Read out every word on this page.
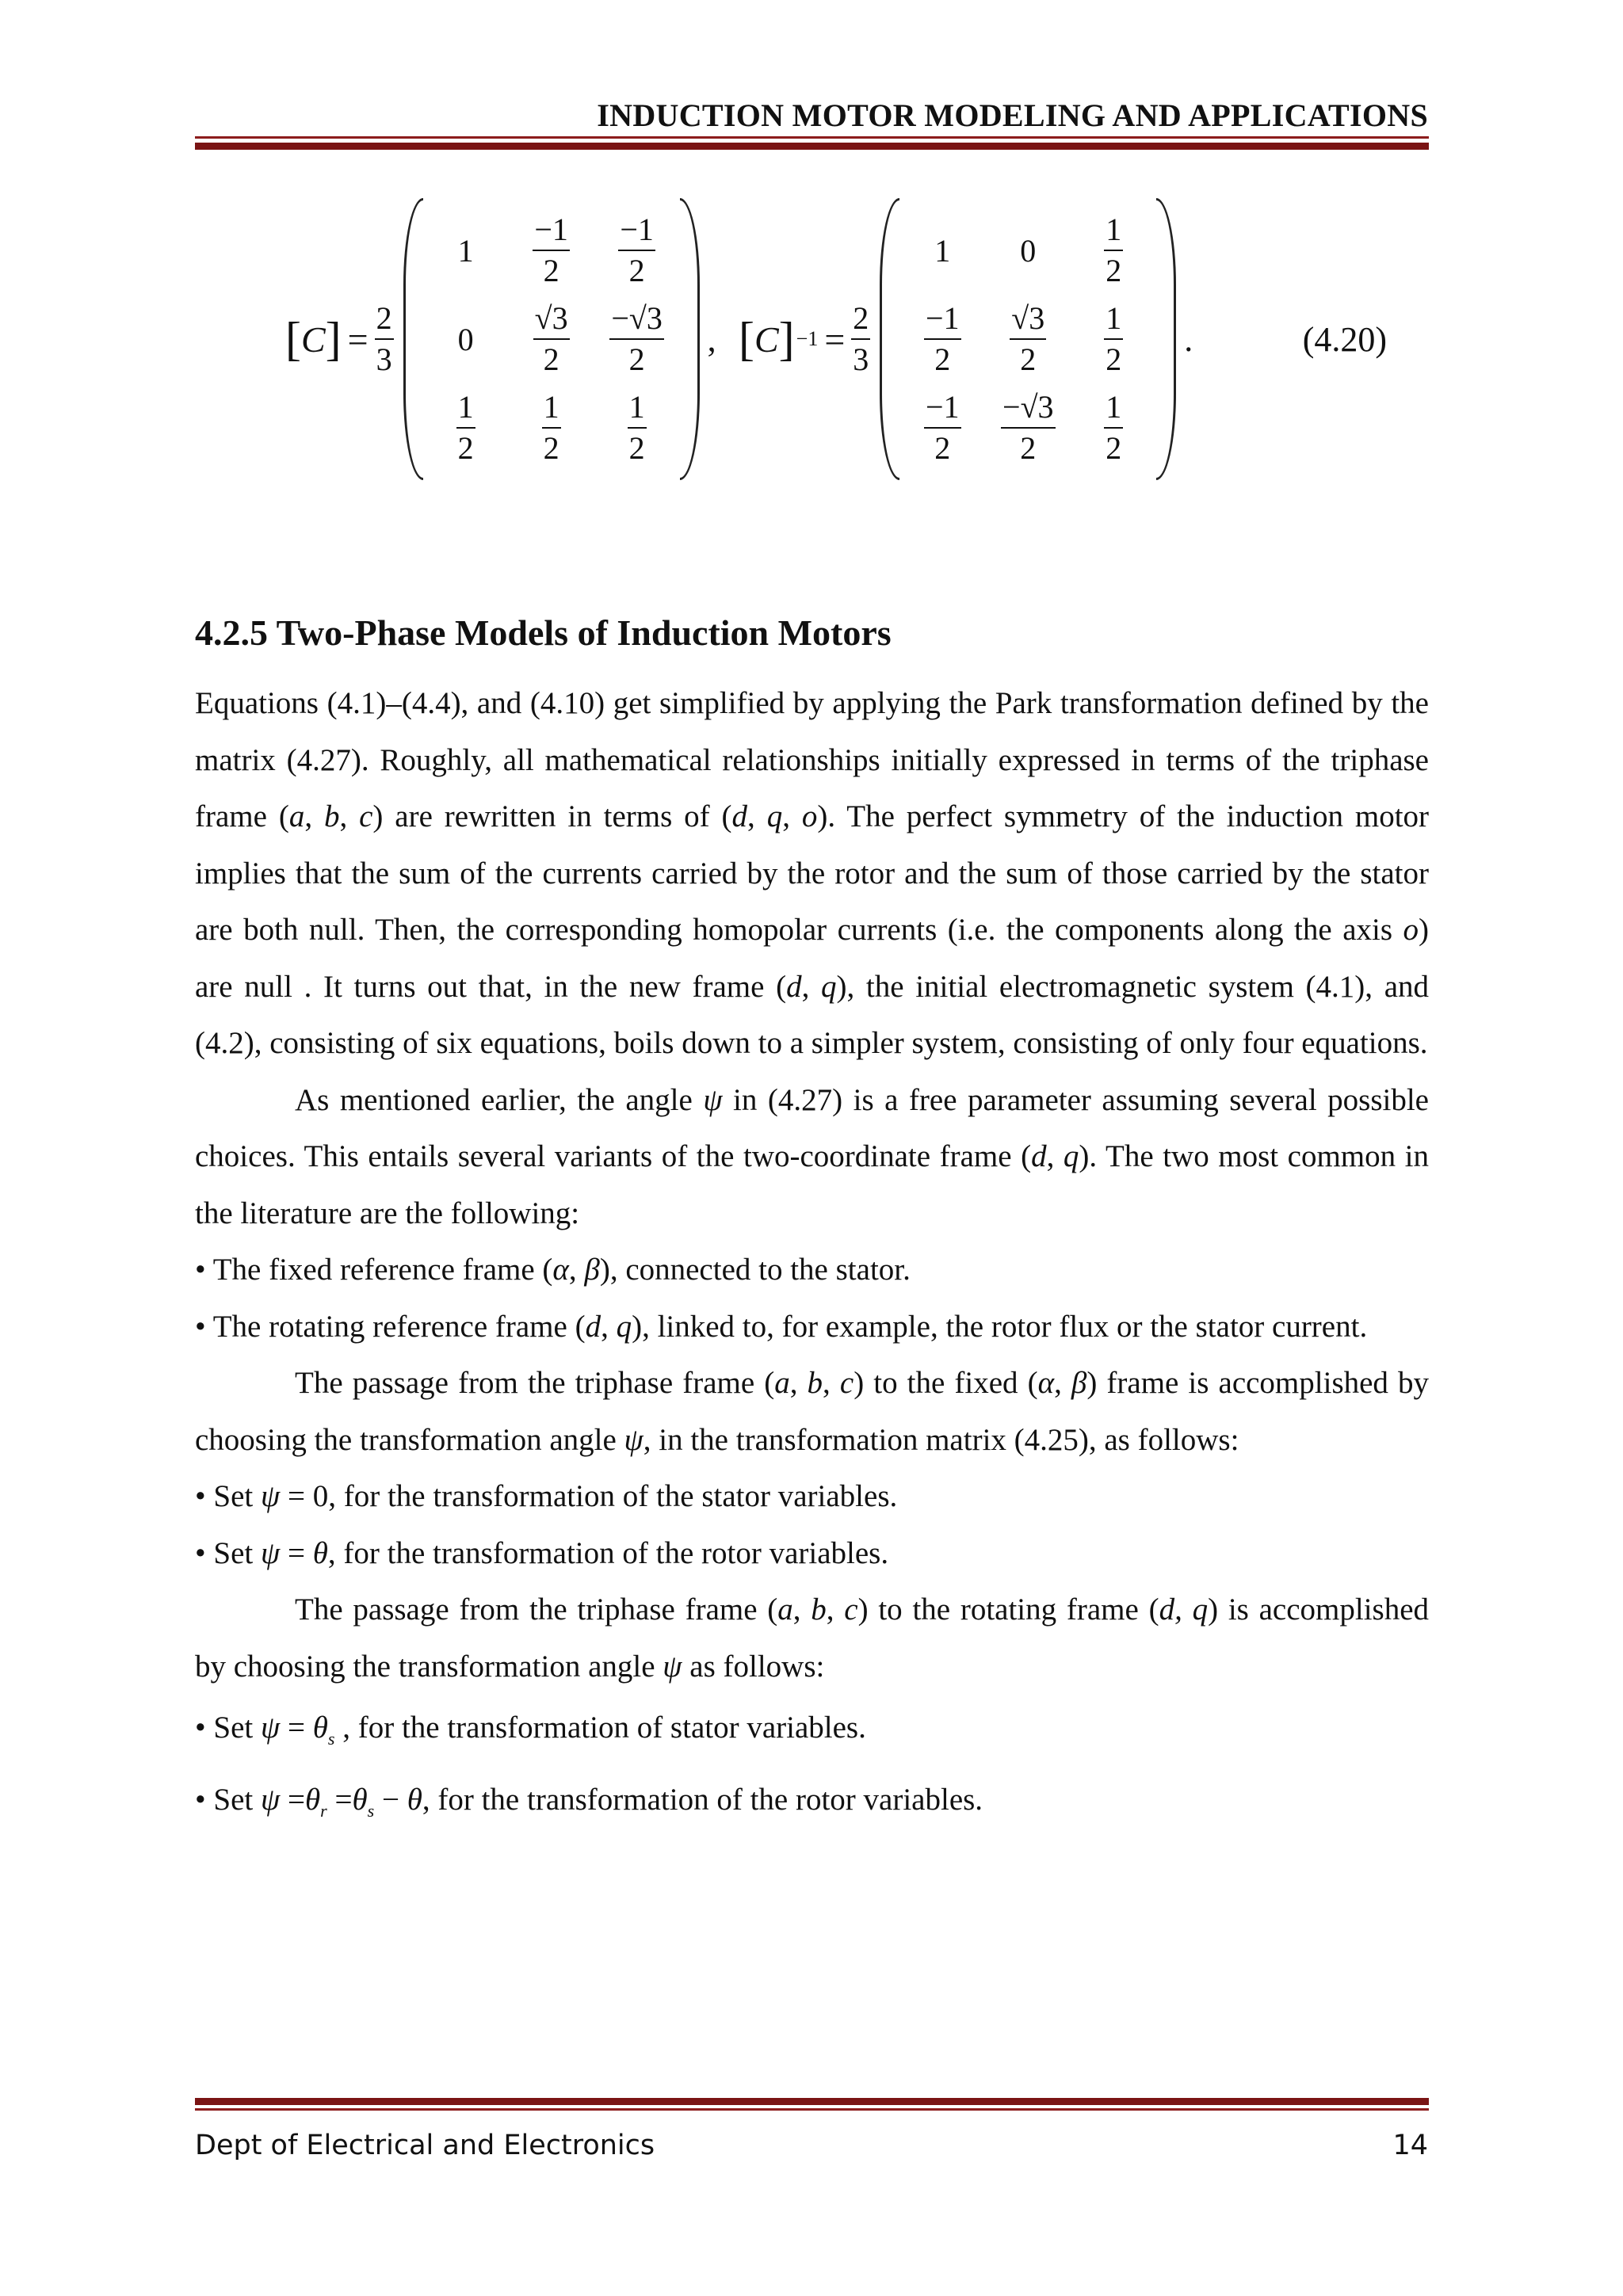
INDUCTION MOTOR MODELING AND APPLICATIONS
[ C ] = $\frac{2}{3}$
$1 \frac{-1}{2} \frac{-1}{2}$
$0 \frac{√3}{2} \frac{-√3}{2}$
$\frac{1}{2} \frac{1}{2} \frac{1}{2}$
, [ C ] $-1 = \frac{2}{3}$
1 $0 \frac{1}{2}$
$\frac{-1}{2} \frac{√3}{2} \frac{1}{2}$
$\frac{-1}{2} \frac{-√3}{2} \frac{1}{2}$
.	(4.20)
4.2.5 Two-Phase Models of Induction Motors

Equations (4.1)–(4.4), and (4.10) get simplified by applying the Park transformation defined by the matrix (4.27). Roughly, all mathematical relationships initially expressed in terms of the triphase frame (a, b, c) are rewritten in terms of (d, q, o). The perfect symmetry of the induction motor implies that the sum of the currents carried by the rotor and the sum of those carried by the stator are both null. Then, the corresponding homopolar currents (i.e. the components along the axis o) are null . It turns out that, in the new frame (d, q), the initial electromagnetic system (4.1), and (4.2), consisting of six equations, boils down to a simpler system, consisting of only four equations.

As mentioned earlier, the angle ψ in (4.27) is a free parameter assuming several possible choices. This entails several variants of the two-coordinate frame (d, q). The two most common in the literature are the following:

• The fixed reference frame (α, β), connected to the stator.

• The rotating reference frame (d, q), linked to, for example, the rotor flux or the stator current.

The passage from the triphase frame (a, b, c) to the fixed (α, β) frame is accomplished by choosing the transformation angle ψ, in the transformation matrix (4.25), as follows:

• Set ψ = 0, for the transformation of the stator variables.

• Set ψ = θ, for the transformation of the rotor variables.

The passage from the triphase frame (a, b, c) to the rotating frame (d, q) is accomplished by choosing the transformation angle ψ as follows:

• Set $\psi = \theta_s$ , for the transformation of stator variables.

• Set $\psi =\theta_r =\theta_s - \theta$, for the transformation of the rotor variables.

Dept of Electrical and Electronics	14
